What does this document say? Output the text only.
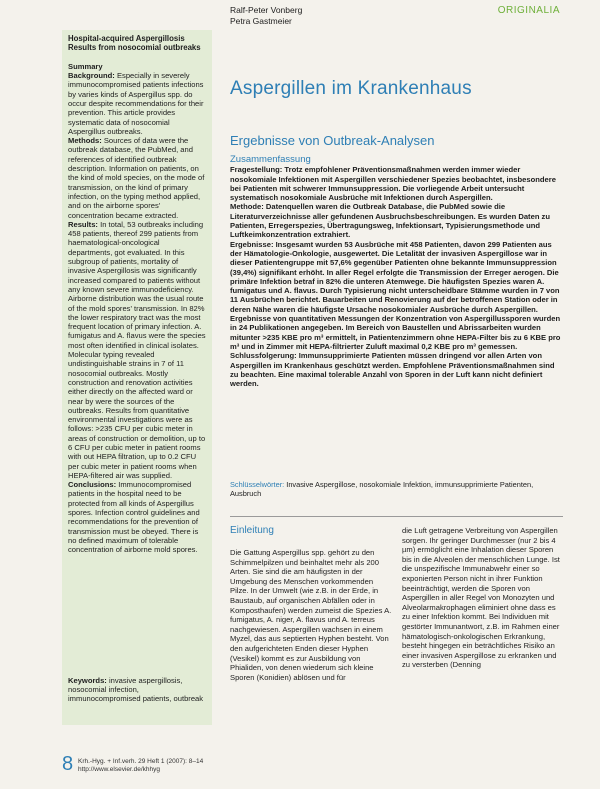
Hospital-acquired Aspergillosis
Results from nosocomial outbreaks
Summary

Background: Especially in severely immunocompromised patients infections by varies kinds of Aspergillus spp. do occur despite recommendations for their prevention. This article provides systematic data of nosocomial Aspergillus outbreaks.

Methods: Sources of data were the outbreak database, the PubMed, and references of identified outbreak description. Information on patients, on the kind of mold species, on the mode of transmission, on the kind of primary infection, on the typing method applied, and on the airborne spores' concentration became extracted.

Results: In total, 53 outbreaks including 458 patients, thereof 299 patients from haematological-oncological departments, got evaluated. In this subgroup of patients, mortality of invasive Aspergillosis was significantly increased compared to patients without any known severe immunodeficiency. Airborne distribution was the usual route of the mold spores' transmission. In 82% the lower respiratory tract was the most frequent location of primary infection. A. fumigatus and A. flavus were the species most often identified in clinical isolates. Molecular typing revealed undistinguishable strains in 7 of 11 nosocomial outbreaks. Mostly construction and renovation activities either directly on the affected ward or near by were the sources of the outbreaks. Results from quantitative environmental investigations were as follows: >235 CFU per cubic meter in areas of construction or demolition, up to 6 CFU per cubic meter in patient rooms with out HEPA filtration, up to 0.2 CFU per cubic meter in patient rooms when HEPA-filtered air was supplied.

Conclusions: Immunocompromised patients in the hospital need to be protected from all kinds of Aspergillus spores. Infection control guidelines and recommendations for the prevention of transmission must be obeyed. There is no defined maximum of tolerable concentration of airborne mold spores.

Keywords: invasive aspergillosis, nosocomial infection, immunocompromised patients, outbreak

Ralf-Peter Vonberg
Petra Gastmeier
ORIGINALIA
Aspergillen im Krankenhaus
Ergebnisse von Outbreak-Analysen
Zusammenfassung

Fragestellung: Trotz empfohlener Präventionsmaßnahmen werden immer wieder nosokomiale Infektionen mit Aspergillen verschiedener Spezies beobachtet, insbesondere bei Patienten mit schwerer Immunsuppression. Die vorliegende Arbeit untersucht systematisch nosokomiale Ausbrüche mit Infektionen durch Aspergillen.

Methode: Datenquellen waren die Outbreak Database, die PubMed sowie die Literaturverzeichnisse aller gefundenen Ausbruchsbeschreibungen. Es wurden Daten zu Patienten, Erregerspezies, Übertragungsweg, Infektionsart, Typisierungsmethode und Luftkeimkonzentration extrahiert.

Ergebnisse: Insgesamt wurden 53 Ausbrüche mit 458 Patienten, davon 299 Patienten aus der Hämatologie-Onkologie, ausgewertet. Die Letalität der invasiven Aspergillose war in dieser Patientengruppe mit 57,6% gegenüber Patienten ohne bekannte Immunsuppression (39,4%) signifikant erhöht. In aller Regel erfolgte die Transmission der Erreger aerogen. Die primäre Infektion betraf in 82% die unteren Atemwege. Die häufigsten Spezies waren A. fumigatus und A. flavus. Durch Typisierung nicht unterscheidbare Stämme wurden in 7 von 11 Ausbrüchen berichtet. Bauarbeiten und Renovierung auf der betroffenen Station oder in deren Nähe waren die häufigste Ursache nosokomialer Ausbrüche durch Aspergillen. Ergebnisse von quantitativen Messungen der Konzentration von Aspergillussporen wurden in 24 Publikationen angegeben. Im Bereich von Baustellen und Abrissarbeiten wurden mitunter >235 KBE pro m³ ermittelt, in Patientenzimmern ohne HEPA-Filter bis zu 6 KBE pro m³ und in Zimmer mit HEPA-filtrierter Zuluft maximal 0,2 KBE pro m³ gemessen.

Schlussfolgerung: Immunsupprimierte Patienten müssen dringend vor allen Arten von Aspergillen im Krankenhaus geschützt werden. Empfohlene Präventionsmaßnahmen sind zu beachten. Eine maximal tolerable Anzahl von Sporen in der Luft kann nicht definiert werden.

Schlüsselwörter: Invasive Aspergillose, nosokomiale Infektion, immunsupprimierte Patienten, Ausbruch
Einleitung

Die Gattung Aspergillus spp. gehört zu den Schimmelpilzen und beinhaltet mehr als 200 Arten. Sie sind die am häufigsten in der Umgebung des Menschen vorkommenden Pilze. In der Umwelt (wie z.B. in der Erde, in Baustaub, auf organischen Abfällen oder in Komposthaufen) werden zumeist die Spezies A. fumigatus, A. niger, A. flavus und A. terreus nachgewiesen. Aspergillen wachsen in einem Myzel, das aus septierten Hyphen besteht. Von den aufgerichteten Enden dieser Hyphen (Vesikel) kommt es zur Ausbildung von Phialiden, von denen wiederum sich kleine Sporen (Konidien) ablösen und für

die Luft getragene Verbreitung von Aspergillen sorgen. Ihr geringer Durchmesser (nur 2 bis 4 µm) ermöglicht eine Inhalation dieser Sporen bis in die Alveolen der menschlichen Lunge. Ist die unspezifische Immunabwehr einer so exponierten Person nicht in ihrer Funktion beeinträchtigt, werden die Sporen von Aspergillen in aller Regel von Monozyten und Alveolarmakrophagen eliminiert ohne dass es zu einer Infektion kommt. Bei Individuen mit gestörter Immunantwort, z.B. im Rahmen einer hämatologisch-onkologischen Erkrankung, besteht hingegen ein beträchtliches Risiko an einer invasiven Aspergillose zu erkranken und zu versterben (Denning

8 Krh.-Hyg. + Inf.verh. 29 Heft 1 (2007): 8–14
http://www.elsevier.de/khhyg
